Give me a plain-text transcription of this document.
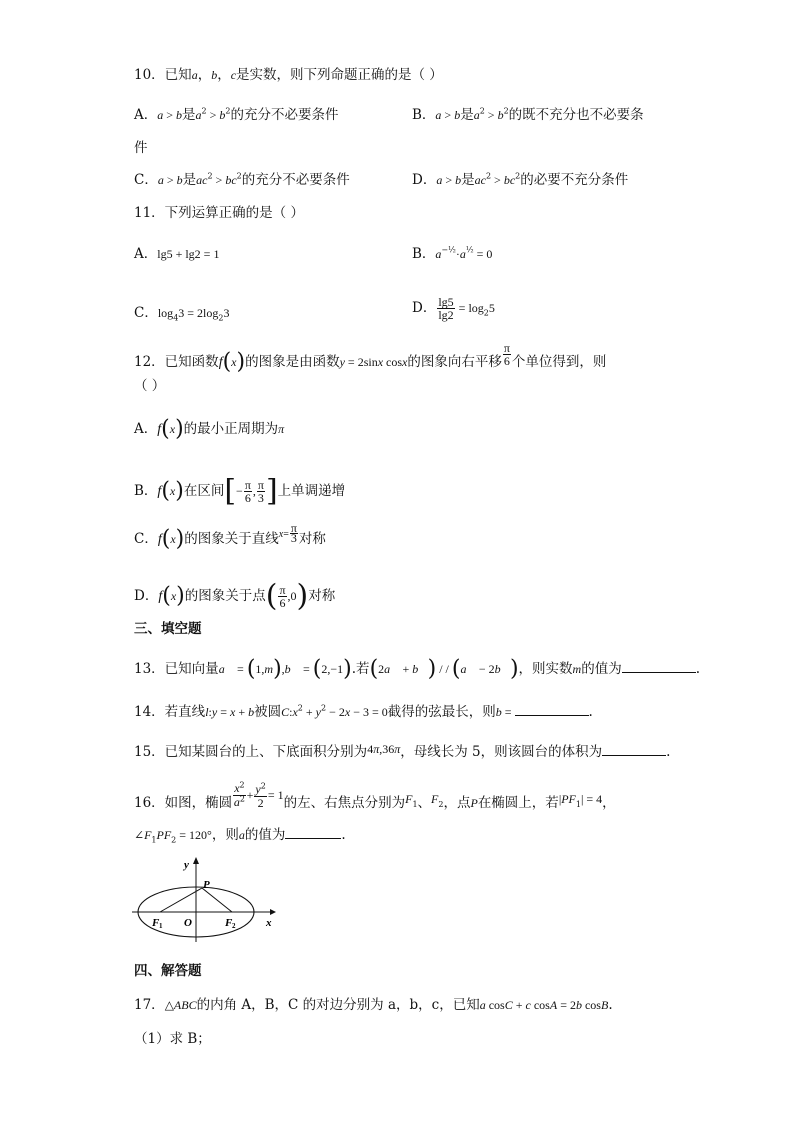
10．已知a，b，c是实数，则下列命题正确的是（ ）
A．a > b是$a^2 > b^2$的充分不必要条件	B．a > b是$a^2 > b^2$的既不充分也不必要条
件
C．a > b是$ac^2 > bc^2$的充分不必要条件	D．a > b是$ac^2 > bc^2$的必要不充分条件
11．下列运算正确的是（ ）
A．lg5 + lg2 = 1	B．$a^{-\frac{1}{2}}\cdot a^{\frac{1}{2}} = 0$
C．$\log_43 = 2\log_23$	D． $\frac{\lg 5}{\lg 2} = \log_25$
12．已知函数f(x)的图象是由函数y = 2sinx cosx的图象向右平移 $\frac{\pi}{6}$ 个单位得到，则
（ ）
A．f(x)的最小正周期为π
B．f(x)在区间[− $\frac{\pi}{6}$ , $\frac{\pi}{3}$ ]上单调递增
C．f(x)的图象关于直线$^{x=} \frac{\pi}{3}$ 对称
D．f(x)的图象关于点( $\frac{\pi}{6} ,0$)对称
三、填空题
13．已知向量a⃗ = (1,m),b⃗ = (2,−1).若(2a⃗ + b⃗) / / (a⃗ − 2b⃗)，则实数m的值为	.
14．若直线l:y = x + b被圆$C:x^2 + y^2 - 2x - 3 = 0$截得的弦最长，则b =	.
15．已知某圆台的上、下底面积分别为4π,36π，母线长为 5，则该圆台的体积为	.
16．如图，椭圆 $\frac{x^2}{a^2} + \frac{y^2}{2} = 1$的左、右焦点分别为$F_1$、$F_2$，点P在椭圆上，若$|PF_1| = 4$，
$\angle F_1PF_2 = 120^\circ$，则a的值为	.
y
P
F 1 O	F 2	x
四、解答题
17．△ABC的内角 A，B，C 的对边分别为 a，b，c，已知a cosC + c cosA = 2b cosB.
（1）求 B；
